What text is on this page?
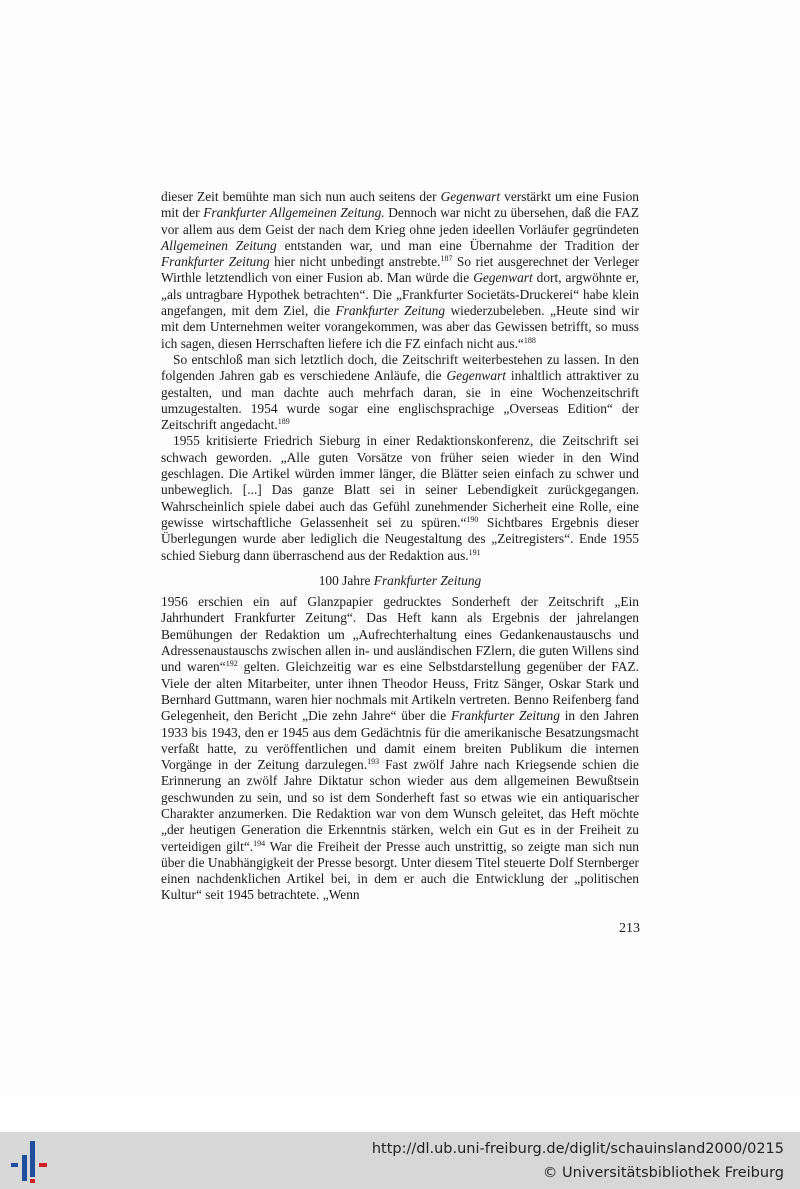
dieser Zeit bemühte man sich nun auch seitens der Gegenwart verstärkt um eine Fusion mit der Frankfurter Allgemeinen Zeitung. Dennoch war nicht zu übersehen, daß die FAZ vor allem aus dem Geist der nach dem Krieg ohne jeden ideellen Vorläufer gegründeten Allgemeinen Zeitung entstanden war, und man eine Übernahme der Tradition der Frankfurter Zeitung hier nicht unbedingt anstrebte.$^{187}$ So riet ausgerechnet der Verleger Wirthle letztendlich von einer Fusion ab. Man würde die Gegenwart dort, argwöhnte er, „als untragbare Hypothek betrachten“. Die „Frankfurter Societäts-Druckerei“ habe klein angefangen, mit dem Ziel, die Frankfurter Zeitung wiederzubeleben. „Heute sind wir mit dem Unternehmen weiter vorangekommen, was aber das Gewissen betrifft, so muss ich sagen, diesen Herrschaften liefere ich die FZ einfach nicht aus.“$^{188}$

So entschloß man sich letztlich doch, die Zeitschrift weiterbestehen zu lassen. In den folgenden Jahren gab es verschiedene Anläufe, die Gegenwart inhaltlich attraktiver zu gestalten, und man dachte auch mehrfach daran, sie in eine Wochenzeitschrift umzugestalten. 1954 wurde sogar eine englischsprachige „Overseas Edition“ der Zeitschrift angedacht.$^{189}$

1955 kritisierte Friedrich Sieburg in einer Redaktionskonferenz, die Zeitschrift sei schwach geworden. „Alle guten Vorsätze von früher seien wieder in den Wind geschlagen. Die Artikel würden immer länger, die Blätter seien einfach zu schwer und unbeweglich. [...] Das ganze Blatt sei in seiner Lebendigkeit zurückgegangen. Wahrscheinlich spiele dabei auch das Gefühl zunehmender Sicherheit eine Rolle, eine gewisse wirtschaftliche Gelassenheit sei zu spüren.“$^{190}$ Sichtbares Ergebnis dieser Überlegungen wurde aber lediglich die Neugestaltung des „Zeitregisters“. Ende 1955 schied Sieburg dann überraschend aus der Redaktion aus.$^{191}$

100 Jahre Frankfurter Zeitung

1956 erschien ein auf Glanzpapier gedrucktes Sonderheft der Zeitschrift „Ein Jahrhundert Frankfurter Zeitung“. Das Heft kann als Ergebnis der jahrelangen Bemühungen der Redaktion um „Aufrechterhaltung eines Gedankenaustauschs und Adressenaustauschs zwischen allen in- und ausländischen FZlern, die guten Willens sind und waren“$^{192}$ gelten. Gleichzeitig war es eine Selbstdarstellung gegenüber der FAZ. Viele der alten Mitarbeiter, unter ihnen Theodor Heuss, Fritz Sänger, Oskar Stark und Bernhard Guttmann, waren hier nochmals mit Artikeln vertreten. Benno Reifenberg fand Gelegenheit, den Bericht „Die zehn Jahre“ über die Frankfurter Zeitung in den Jahren 1933 bis 1943, den er 1945 aus dem Gedächtnis für die amerikanische Besatzungsmacht verfaßt hatte, zu veröffentlichen und damit einem breiten Publikum die internen Vorgänge in der Zeitung darzulegen.$^{193}$ Fast zwölf Jahre nach Kriegsende schien die Erinnerung an zwölf Jahre Diktatur schon wieder aus dem allgemeinen Bewußtsein geschwunden zu sein, und so ist dem Sonderheft fast so etwas wie ein antiquarischer Charakter anzumerken. Die Redaktion war von dem Wunsch geleitet, das Heft möchte „der heutigen Generation die Erkenntnis stärken, welch ein Gut es in der Freiheit zu verteidigen gilt“.$^{194}$ War die Freiheit der Presse auch unstrittig, so zeigte man sich nun über die Unabhängigkeit der Presse besorgt. Unter diesem Titel steuerte Dolf Sternberger einen nachdenklichen Artikel bei, in dem er auch die Entwicklung der „politischen Kultur“ seit 1945 betrachtete. „Wenn

213
http://dl.ub.uni-freiburg.de/diglit/schauinsland2000/0215
© Universitätsbibliothek Freiburg
